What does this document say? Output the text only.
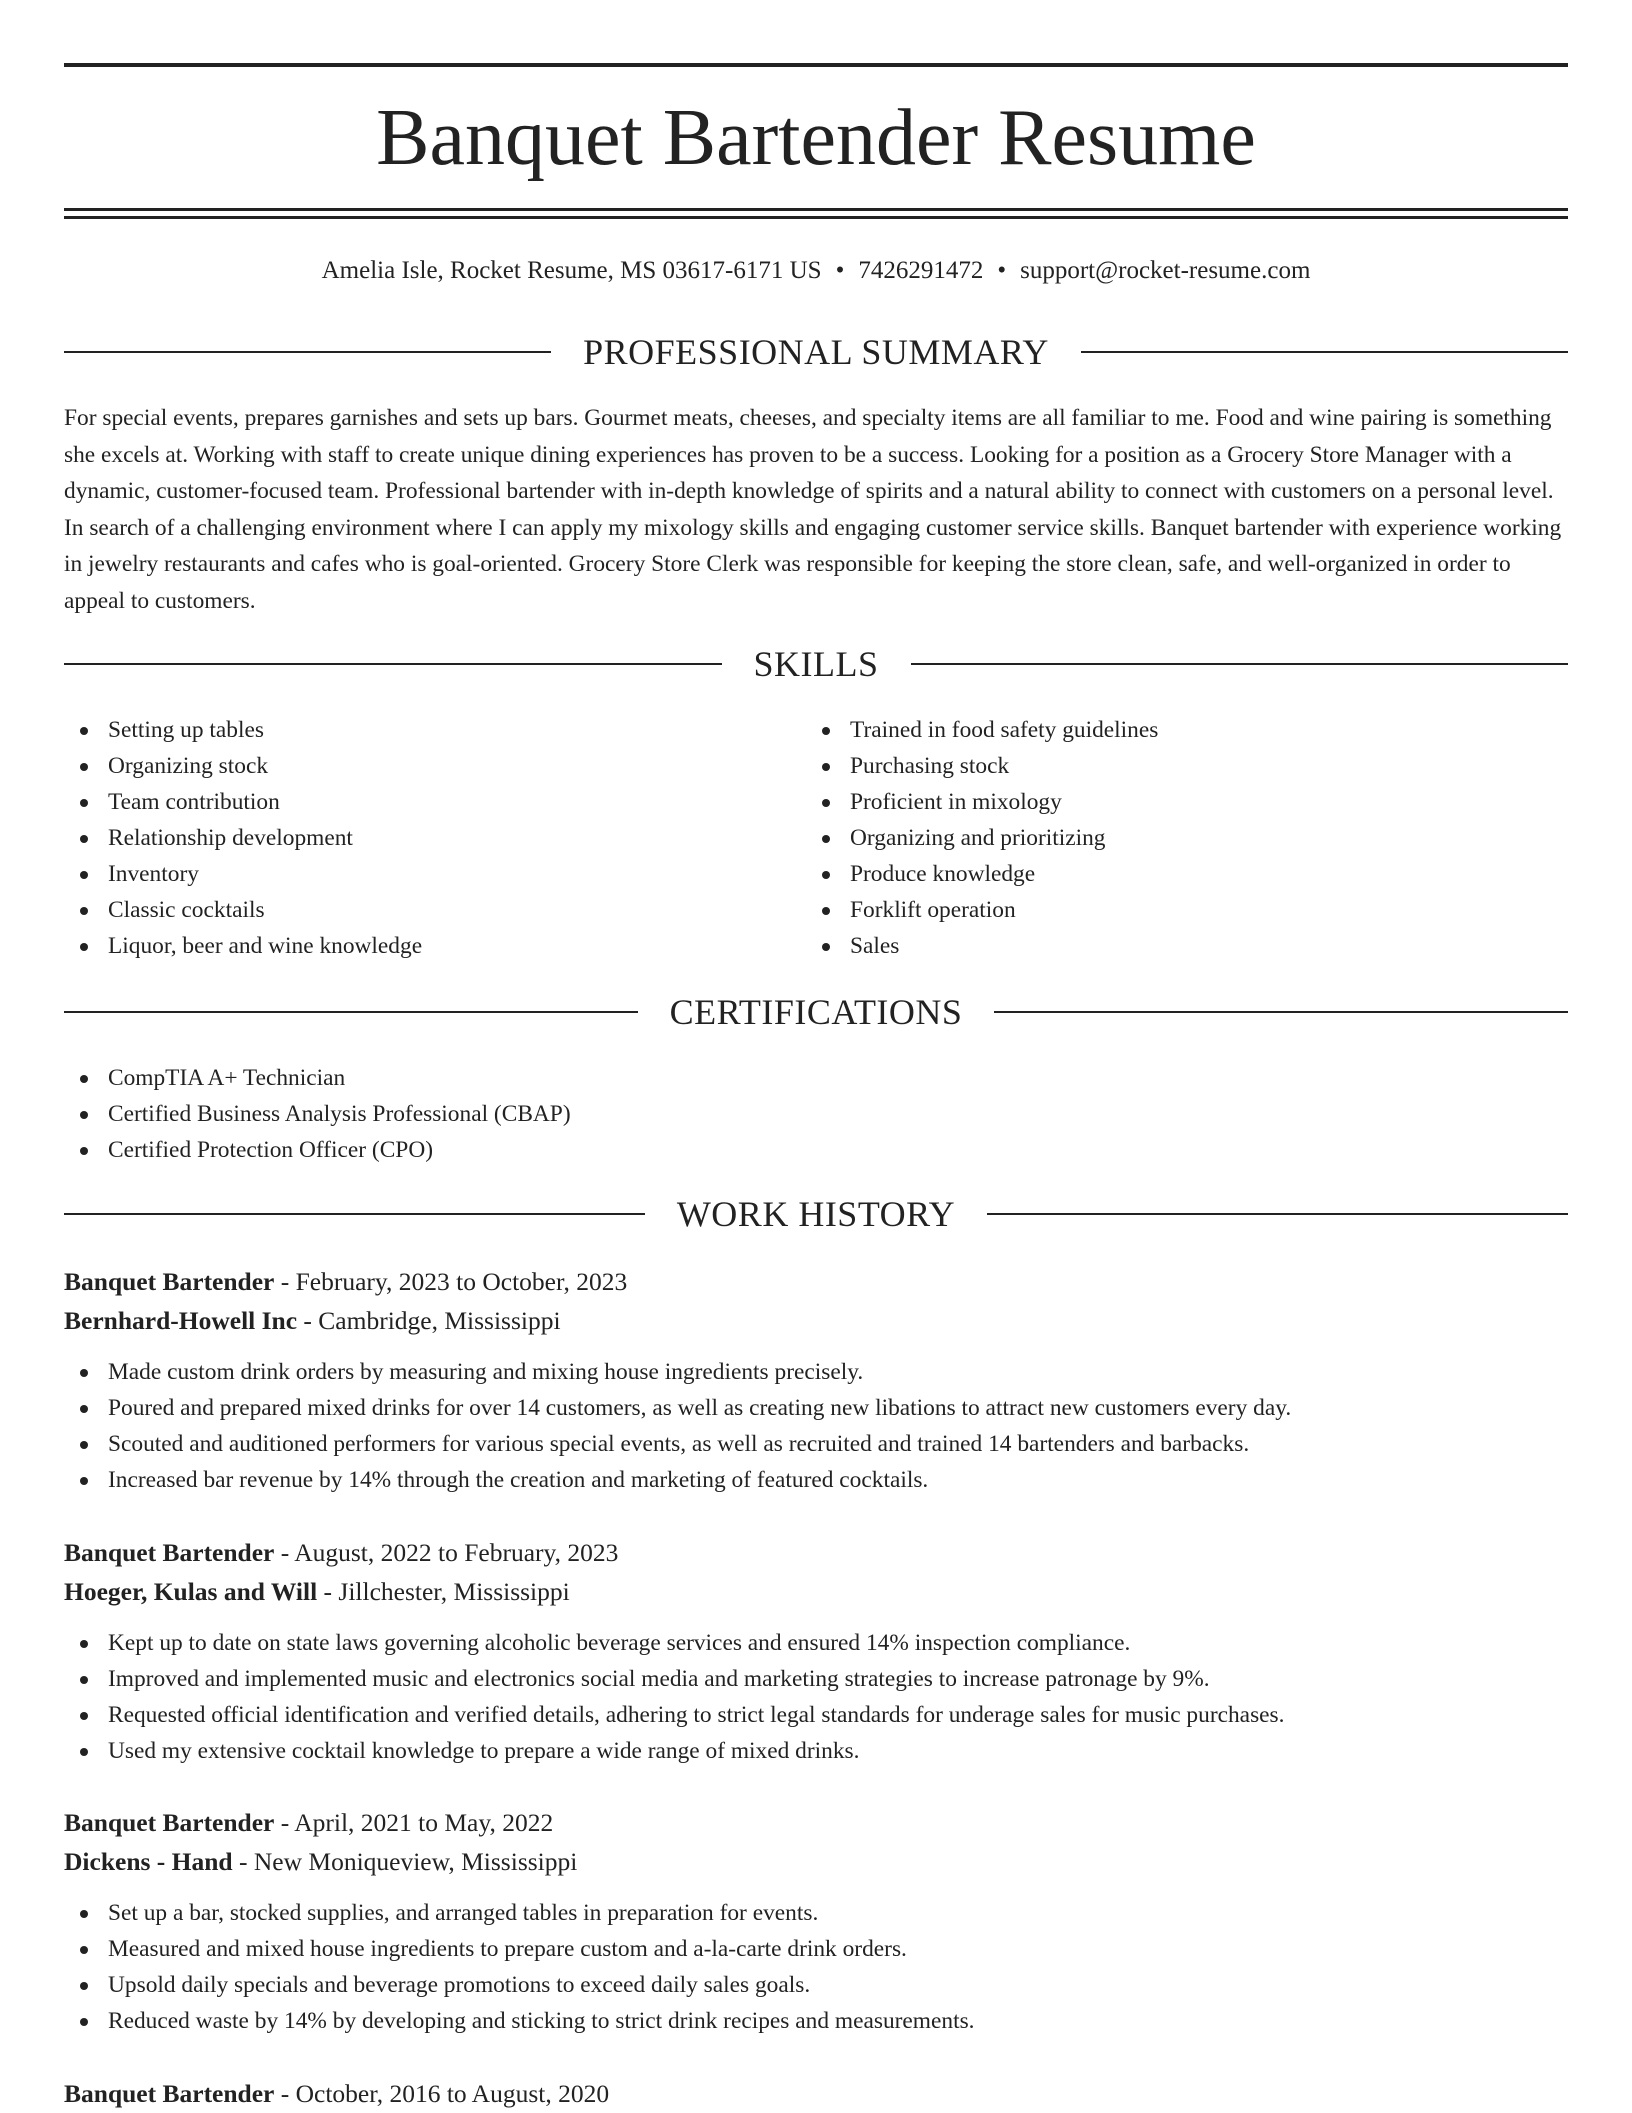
Banquet Bartender Resume
Amelia Isle, Rocket Resume, MS 03617-6171 US • 7426291472 • support@rocket-resume.com
PROFESSIONAL SUMMARY

For special events, prepares garnishes and sets up bars. Gourmet meats, cheeses, and specialty items are all familiar to me. Food and wine pairing is something she excels at. Working with staff to create unique dining experiences has proven to be a success. Looking for a position as a Grocery Store Manager with a dynamic, customer-focused team. Professional bartender with in-depth knowledge of spirits and a natural ability to connect with customers on a personal level. In search of a challenging environment where I can apply my mixology skills and engaging customer service skills. Banquet bartender with experience working in jewelry restaurants and cafes who is goal-oriented. Grocery Store Clerk was responsible for keeping the store clean, safe, and well-organized in order to appeal to customers.

SKILLS
Setting up tables
Organizing stock
Team contribution
Relationship development
Inventory
Classic cocktails
Liquor, beer and wine knowledge
Trained in food safety guidelines
Purchasing stock
Proficient in mixology
Organizing and prioritizing
Produce knowledge
Forklift operation
Sales
CERTIFICATIONS
CompTIA A+ Technician
Certified Business Analysis Professional (CBAP)
Certified Protection Officer (CPO)
WORK HISTORY
Banquet Bartender - February, 2023 to October, 2023
Bernhard-Howell Inc - Cambridge, Mississippi
Made custom drink orders by measuring and mixing house ingredients precisely.
Poured and prepared mixed drinks for over 14 customers, as well as creating new libations to attract new customers every day.
Scouted and auditioned performers for various special events, as well as recruited and trained 14 bartenders and barbacks.
Increased bar revenue by 14% through the creation and marketing of featured cocktails.
Banquet Bartender - August, 2022 to February, 2023
Hoeger, Kulas and Will - Jillchester, Mississippi
Kept up to date on state laws governing alcoholic beverage services and ensured 14% inspection compliance.
Improved and implemented music and electronics social media and marketing strategies to increase patronage by 9%.
Requested official identification and verified details, adhering to strict legal standards for underage sales for music purchases.
Used my extensive cocktail knowledge to prepare a wide range of mixed drinks.
Banquet Bartender - April, 2021 to May, 2022
Dickens - Hand - New Moniqueview, Mississippi
Set up a bar, stocked supplies, and arranged tables in preparation for events.
Measured and mixed house ingredients to prepare custom and a-la-carte drink orders.
Upsold daily specials and beverage promotions to exceed daily sales goals.
Reduced waste by 14% by developing and sticking to strict drink recipes and measurements.
Banquet Bartender - October, 2016 to August, 2020
